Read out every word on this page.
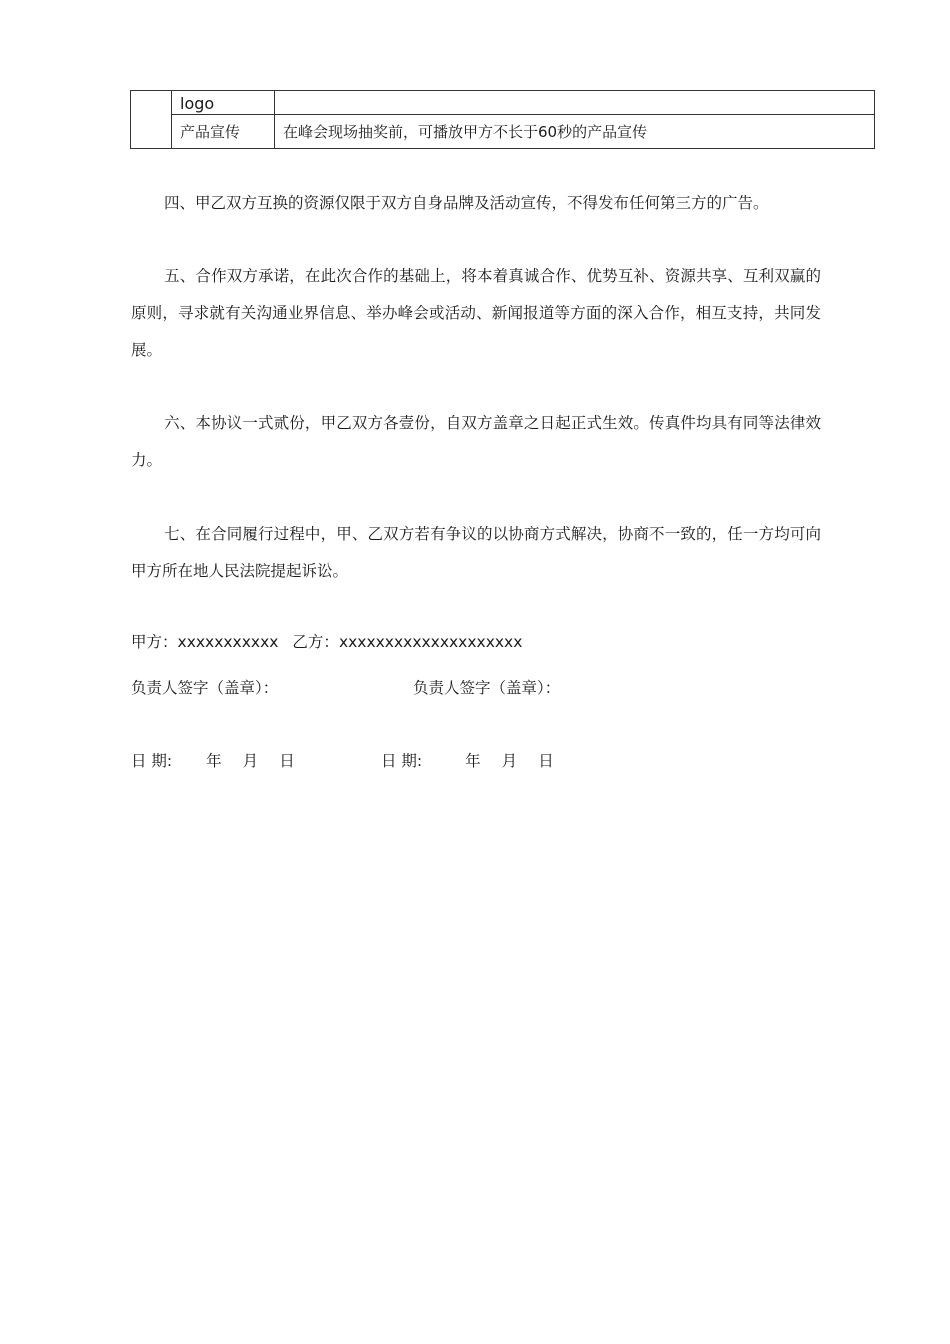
	logo	
	产品宣传	在峰会现场抽奖前，可播放甲方不长于60秒的产品宣传

四、甲乙双方互换的资源仅限于双方自身品牌及活动宣传，不得发布任何第三方的广告。

五、合作双方承诺，在此次合作的基础上，将本着真诚合作、优势互补、资源共享、互利双赢的原则，寻求就有关沟通业界信息、举办峰会或活动、新闻报道等方面的深入合作，相互支持，共同发展。

六、本协议一式贰份，甲乙双方各壹份，自双方盖章之日起正式生效。传真件均具有同等法律效力。

七、在合同履行过程中，甲、乙双方若有争议的以协商方式解决，协商不一致的，任一方均可向甲方所在地人民法院提起诉讼。

甲方：xxxxxxxxxxx 乙方：xxxxxxxxxxxxxxxxxxxx
负责人签字（盖章）：	负责人签字（盖章）：
日 期: 年 月 日	日 期:	年 月 日
